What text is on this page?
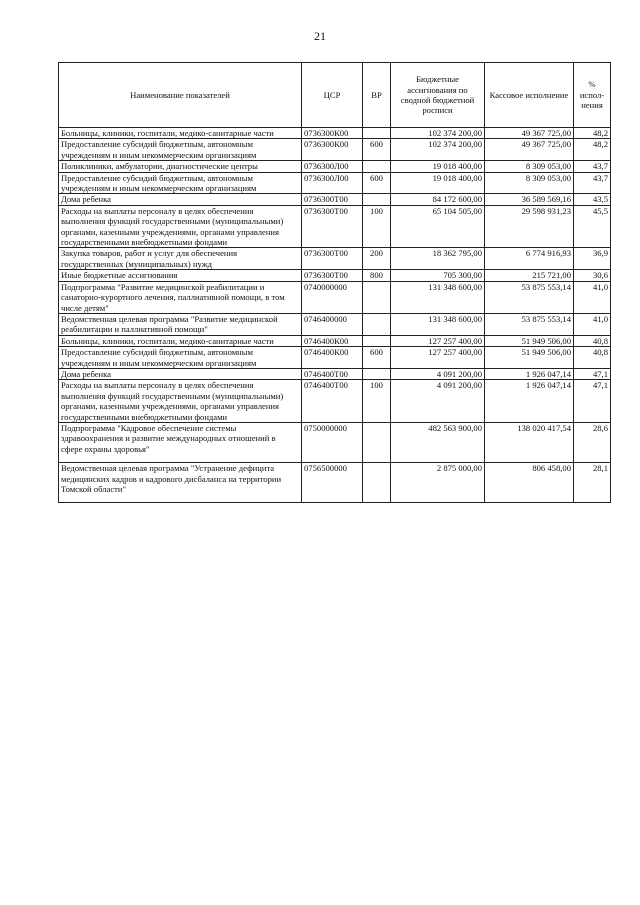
21
Наименование показателей	ЦСР	ВР	Бюджетные ассигнования по сводной бюджетной росписи	Кассовое исполнение	% испол-нения
Больницы, клиники, госпитали, медико-санитарные части	0736300К00		102 374 200,00	49 367 725,00	48,2
Предоставление субсидий бюджетным, автономным учреждениям и иным некоммерческим организациям	0736300К00	600	102 374 200,00	49 367 725,00	48,2
Поликлиники, амбулатории, диагностические центры	0736300Л00		19 018 400,00	8 309 053,00	43,7
Предоставление субсидий бюджетным, автономным учреждениям и иным некоммерческим организациям	0736300Л00	600	19 018 400,00	8 309 053,00	43,7
Дома ребенка	0736300Т00		84 172 600,00	36 589 569,16	43,5
Расходы на выплаты персоналу в целях обеспечения выполнения функций государственными (муниципальными) органами, казенными учреждениями, органами управления государственными внебюджетными фондами	0736300Т00	100	65 104 505,00	29 598 931,23	45,5
Закупка товаров, работ и услуг для обеспечения государственных (муниципальных) нужд	0736300Т00	200	18 362 795,00	6 774 916,93	36,9
Иные бюджетные ассигнования	0736300Т00	800	705 300,00	215 721,00	30,6
Подпрограмма "Развитие медицинской реабилитации и санаторно-курортного лечения, паллиативной помощи, в том числе детям"	0740000000		131 348 600,00	53 875 553,14	41,0
Ведомственная целевая программа "Развитие медицинской реабилитации и паллиативной помощи"	0746400000		131 348 600,00	53 875 553,14	41,0
Больницы, клиники, госпитали, медико-санитарные части	0746400К00		127 257 400,00	51 949 506,00	40,8
Предоставление субсидий бюджетным, автономным учреждениям и иным некоммерческим организациям	0746400К00	600	127 257 400,00	51 949 506,00	40,8
Дома ребенка	0746400Т00		4 091 200,00	1 926 047,14	47,1
Расходы на выплаты персоналу в целях обеспечения выполнения функций государственными (муниципальными) органами, казенными учреждениями, органами управления государственными внебюджетными фондами	0746400Т00	100	4 091 200,00	1 926 047,14	47,1
Подпрограмма "Кадровое обеспечение системы здравоохранения и развитие международных отношений в сфере охраны здоровья"	0750000000		482 563 900,00	138 020 417,54	28,6
Ведомственная целевая программа "Устранение дефицита медицинских кадров и кадрового дисбаланса на территории Томской области"	0756500000		2 875 000,00	806 458,00	28,1
